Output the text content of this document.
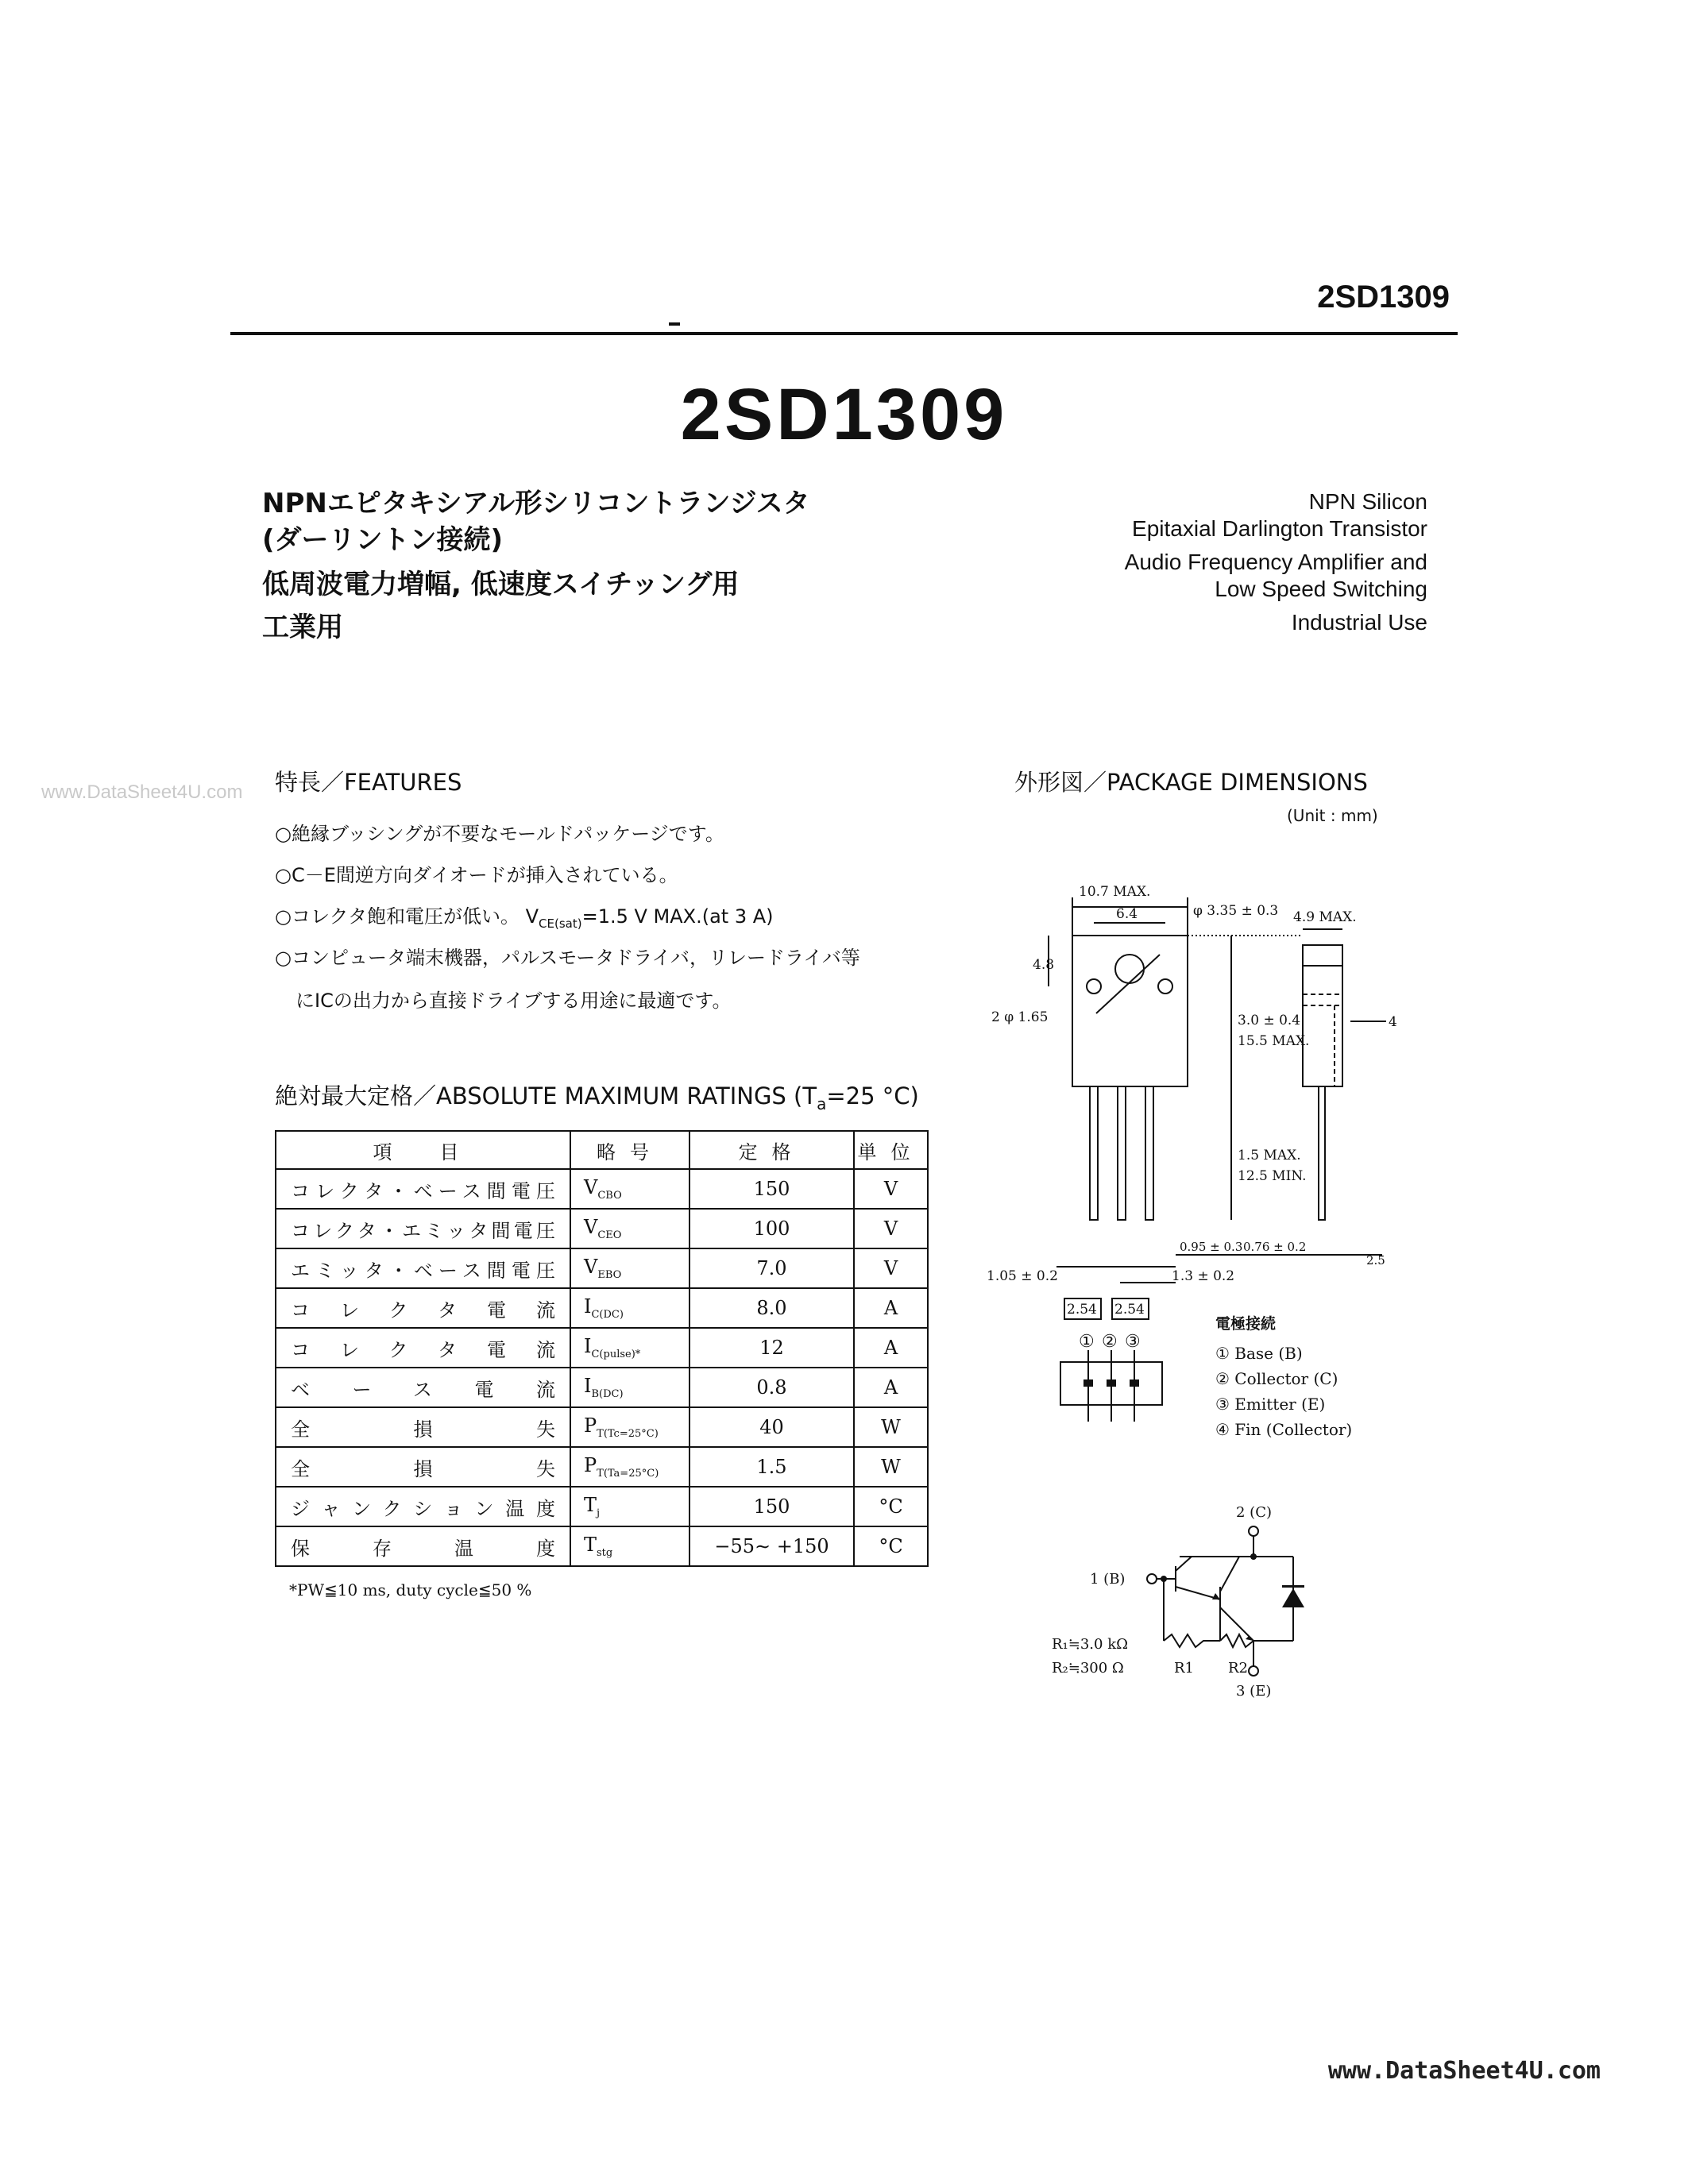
2SD1309
2SD1309
NPNエピタキシアル形シリコントランジスタ
(ダーリントン接続)
低周波電力増幅, 低速度スイチッング用
工業用
NPN Silicon
Epitaxial Darlington Transistor
Audio Frequency Amplifier and
Low Speed Switching
Industrial Use
www.DataSheet4U.com 特長／FEATURES
○絶縁ブッシングが不要なモールドパッケージです。
○C－E間逆方向ダイオードが挿入されている。
○コレクタ飽和電圧が低い。 $V_{CE(sat)}=1.5$ V MAX.(at 3 A)
○コンピュータ端末機器，パルスモータドライバ，リレードライバ等
にICの出力から直接ドライブする用途に最適です。
絶対最大定格／ABSOLUTE MAXIMUM RATINGS ($T_a=25$ °C)
項　目	略号	定格	単位
コレクタ・ベース間電圧	$V_{CBO}$	150	V
コレクタ・エミッタ間電圧	$V_{CEO}$	100	V
エミッタ・ベース間電圧	$V_{EBO}$	7.0	V
コレクタ電流	$I_{C(DC)}$	8.0	A
コレクタ電流	$I_{C(pulse)*}$	12	A
ベース電流	$I_{B(DC)}$	0.8	A
全損失	$P_{T(Tc=25^\circ C)}$	40	W
全損失	$P_{T(Ta=25^\circ C)}$	1.5	W
ジャンクション温度	$T_j$	150	°C
保存温度	$T_{stg}$	−55∼ +150	°C
*PW≦10 ms, duty cycle≦50 %
外形図／PACKAGE DIMENSIONS
(Unit : mm)
10.7 MAX.
6.4	φ 3.35 ± 0.3 4.9 MAX.
4.8
2 φ 1.65	3.0 ± 0.4
15.5 MAX.
1.5 MAX.
12.5 MIN.
4
0.95 ± 0.3 0.76 ± 0.2
2.5
1.05 ± 0.2	1.3 ± 0.2
2.54 2.54
① ② ③
電極接続
① Base (B)
② Collector (C)
③ Emitter (E)
④ Fin (Collector)
2 (C)
1 (B)
3 (E)
R₁≒3.0 kΩ
R₂≒300 Ω	R1 R2
www.DataSheet4U.com
